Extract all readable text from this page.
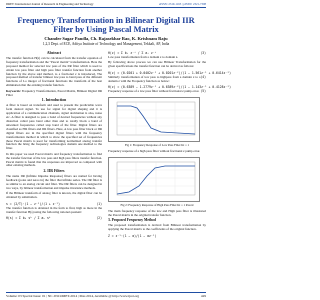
IJRET: International Journal of Research in Engineering and Technology	eISSN: 2319-1163 | pISSN: 2321-7308
Frequency Transformation in Bilinear Digital IIR Filter by Using Pascal Matrix
Chander Sagar Pandla, Ch. Rajasekhar Rao, K. Krishnam Raju
1,2,3 Dept. of ECE, Aditya Institute of Technology and Management, Tekkali, AP, India
Abstract

The transfer function H(z) can be calculated from the transfer equation of frequency transformation and the "Pascal matrix" transformation. Here the proposed method for selected low pass of the IIR filter which is used to obtain low pass filter and high pass filter transfer function from another function by the above said method, to a fractional z is introduced. The proposed method of transfer bilinear low pass to band pass of the different functions of Lo integer of fractional functions the transform of the best elimination that the existing transfer function.

Keywords: Frequency Transformation, Pascal Matrix, Bilinear Digital IIR Filter

1. Introduction

A filter is based on transform and used to present the predictable wave form desired signal. To use for signal for digital shaping and it is application of a communication channels, signal decimation is also, noise etc. A filter is designed to pass a band of desired frequencies without any distortion called pass band other than and to totally block a band of unwanted frequencies called stop band of the filter. Digital filters are classified as FIR filters and IIR filters. Here, A low pass filter block or IIR digital filters are in the specified digital filters with the frequency transformation method in which to show the specified set of frequencies those Pascal matrix is used for transforming normalized analog transfer function the bring the frequency technologies domain one method to the filter.

In this paper we used Pascal matrix and frequency transformation to find the transfer function of the low pass and high pass filters transfer function. Pascal matrix is found that the responses are improved as compared with other existing methods.

2. IIR Filters

The name IIR (Infinite Impulse Response) filters are named for having feedback (poles and zeros in) the filter that infinite series. The IIR filter is as similar to an analog circuit and filter. The IIR filters can be designed in two ways, by bilinear transformation and impulse invariance methods.

If the Bilinear transform of analog filter is known, the digital filter can be obtained by substitution.

s = (2/T)·(1 − z⁻¹)/(1 + z⁻¹)	(1)

The transfer function is obtained in the form to find, high as more in the transfer function H(s) using the following rational quotient:

H(s) = Σ bₖ sᵏ / Σ aₖ sᵏ	(2)
H(z) = Σ bᵢ z⁻ⁱ / Σ aᵢ z⁻ⁱ	(3)

Low pass transformation from a domain z to domain z.

By following above process we can use Bilinear Transformation for the given specifications the transfer function can be derived as follows:

H(z) = (0.0201 + 0.0402z⁻¹ + 0.0201z⁻²)/(1 − 1.561z⁻¹ + 0.6414z⁻²)
(4)

Similarly transformation of low pass to highpass from a domain z to a domain z with the Frequency function as below:

H(z) = (0.6389 − 1.2779z⁻¹ + 0.6389z⁻²)/(1 − 1.143z⁻¹ + 0.4128z⁻²)
(5)

Frequency response of a low pass filter without fractional z pump error.

Fig 1: Frequency Response of Low Pass Filter Kt = 1

Frequency response of a high pass filter without fractional z pump error.

Fig 2: Frequency Response of High Pass Filter Kt = 1 Pascal

The main frequency response of the low and High pass filter is illustrated the Pascal matrix in the original transfer function.

3. Proposed Frequency Method

The proposed transformation is derived from Bilinear transformation by applying the Pascal matrix to the coefficients of the original function.

Z = z⁻¹·(1 − α)/(1 − αz⁻¹)
Volume: 03 Special Issue: 01 | NC-WiCOMET-2014 | Mar-2014, Available @ http://www.ijret.org	429
